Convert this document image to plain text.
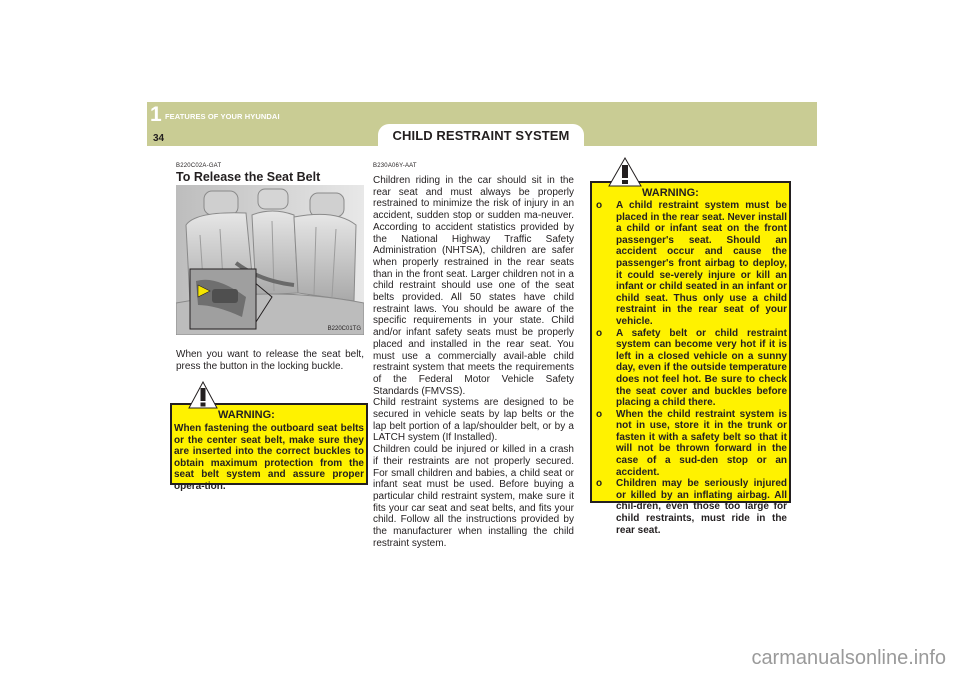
1 FEATURES OF YOUR HYUNDAI
34	CHILD RESTRAINT SYSTEM
B220C02A-GAT
To Release the Seat Belt
B220C01TG

When you want to release the seat belt, press the button in the locking buckle.

WARNING:

When fastening the outboard seat belts or the center seat belt, make sure they are inserted into the correct buckles to obtain maximum protection from the seat belt system and assure proper opera-tion.

B230A06Y-AAT

Children riding in the car should sit in the rear seat and must always be properly restrained to minimize the risk of injury in an accident, sudden stop or sudden ma-neuver. According to accident statistics provided by the National Highway Traffic Safety Administration (NHTSA), children are safer when properly restrained in the rear seats than in the front seat. Larger children not in a child restraint should use one of the seat belts provided. All 50 states have child restraint laws. You should be aware of the specific requirements in your state. Child and/or infant safety seats must be properly placed and installed in the rear seat. You must use a commercially avail-able child restraint system that meets the requirements of the Federal Motor Vehicle Safety Standards (FMVSS).
Child restraint systems are designed to be secured in vehicle seats by lap belts or the lap belt portion of a lap/shoulder belt, or by a LATCH system (If Installed).
Children could be injured or killed in a crash if their restraints are not properly secured. For small children and babies, a child seat or infant seat must be used. Before buying a particular child restraint system, make sure it fits your car seat and seat belts, and fits your child. Follow all the instructions provided by the manufacturer when installing the child restraint system.

WARNING:
o A child restraint system must be placed in the rear seat. Never install a child or infant seat on the front passenger's seat. Should an accident occur and cause the passenger's front airbag to deploy, it could se-verely injure or kill an infant or child seated in an infant or child seat. Thus only use a child restraint in the rear seat of your vehicle.
o A safety belt or child restraint system can become very hot if it is left in a closed vehicle on a sunny day, even if the outside temperature does not feel hot. Be sure to check the seat cover and buckles before placing a child there.
o When the child restraint system is not in use, store it in the trunk or fasten it with a safety belt so that it will not be thrown forward in the case of a sud-den stop or an accident.
o Children may be seriously injured or killed by an inflating airbag. All chil-dren, even those too large for child restraints, must ride in the rear seat.
carmanualsonline.info
